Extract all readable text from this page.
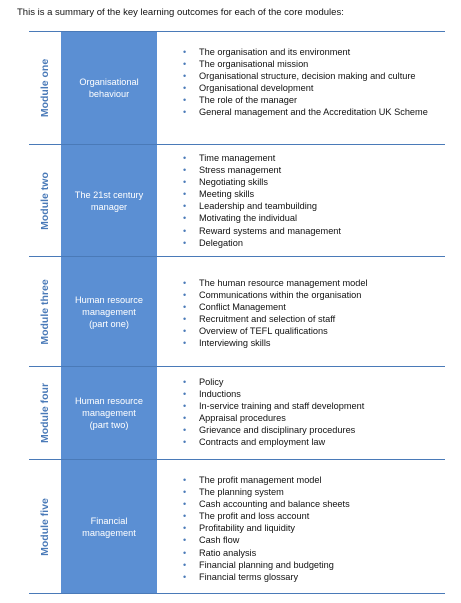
This is a summary of the key learning outcomes for each of the core modules:
Module one	Organisational
behaviour
• The organisation and its environment
• The organisational mission
• Organisational structure, decision making and culture
• Organisational development
• The role of the manager
• General management and the Accreditation UK Scheme
Module two	The 21st century
manager
• Time management
• Stress management
• Negotiating skills
• Meeting skills
• Leadership and teambuilding
• Motivating the individual
• Reward systems and management
• Delegation
Module three	Human resource
management
(part one)
• The human resource management model
• Communications within the organisation
• Conflict Management
• Recruitment and selection of staff
• Overview of TEFL qualifications
• Interviewing skills
Module four	Human resource
management
(part two)
• Policy
• Inductions
• In-service training and staff development
• Appraisal procedures
• Grievance and disciplinary procedures
• Contracts and employment law
Module five	Financial
management
• The profit management model
• The planning system
• Cash accounting and balance sheets
• The profit and loss account
• Profitability and liquidity
• Cash flow
• Ratio analysis
• Financial planning and budgeting
• Financial terms glossary
